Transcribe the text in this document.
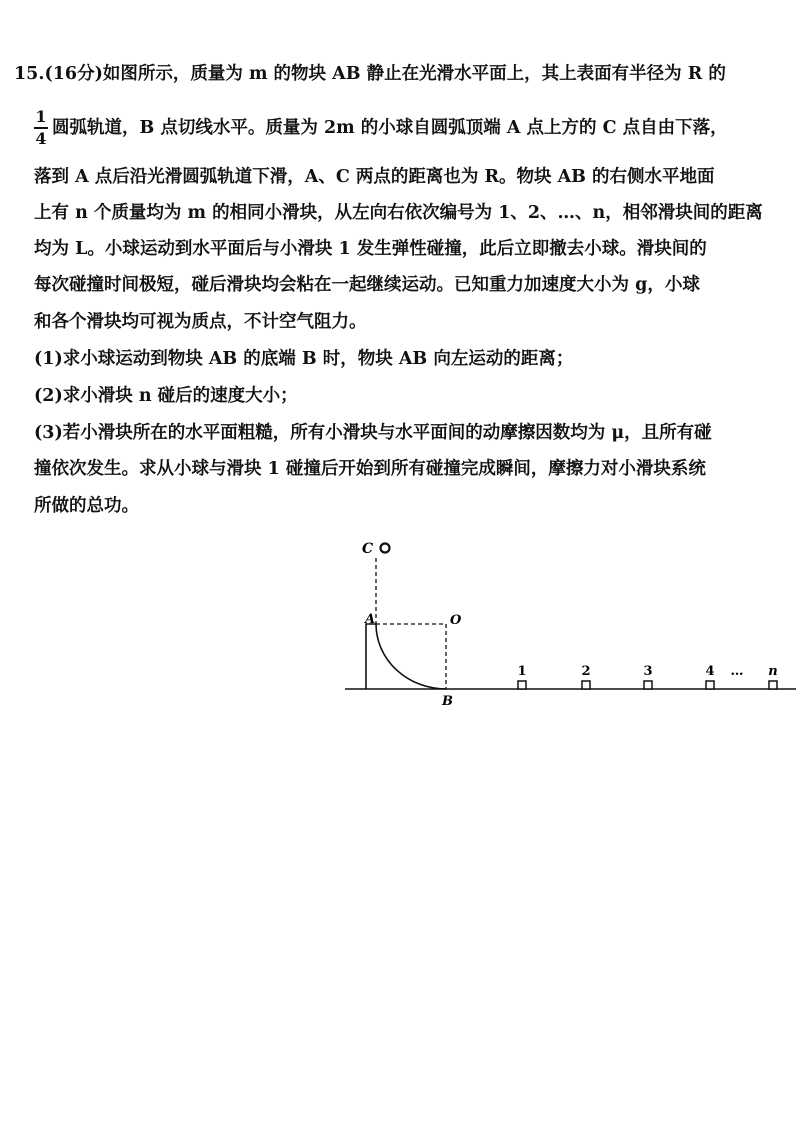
15.(16分)如图所示，质量为 m 的物块 AB 静止在光滑水平面上，其上表面有半径为 R 的
1
4
圆弧轨道，B 点切线水平。质量为 2m 的小球自圆弧顶端 A 点上方的 C 点自由下落，
落到 A 点后沿光滑圆弧轨道下滑，A、C 两点的距离也为 R。物块 AB 的右侧水平地面
上有 n 个质量均为 m 的相同小滑块，从左向右依次编号为 1、2、…、n，相邻滑块间的距离
均为 L。小球运动到水平面后与小滑块 1 发生弹性碰撞，此后立即撤去小球。滑块间的
每次碰撞时间极短，碰后滑块均会粘在一起继续运动。已知重力加速度大小为 g，小球
和各个滑块均可视为质点，不计空气阻力。
(1)求小球运动到物块 AB 的底端 B 时，物块 AB 向左运动的距离；
(2)求小滑块 n 碰后的速度大小；
(3)若小滑块所在的水平面粗糙，所有小滑块与水平面间的动摩擦因数均为 μ，且所有碰
撞依次发生。求从小球与滑块 1 碰撞后开始到所有碰撞完成瞬间，摩擦力对小滑块系统
所做的总功。
C
A	O
B
1	2	3	4 … n
